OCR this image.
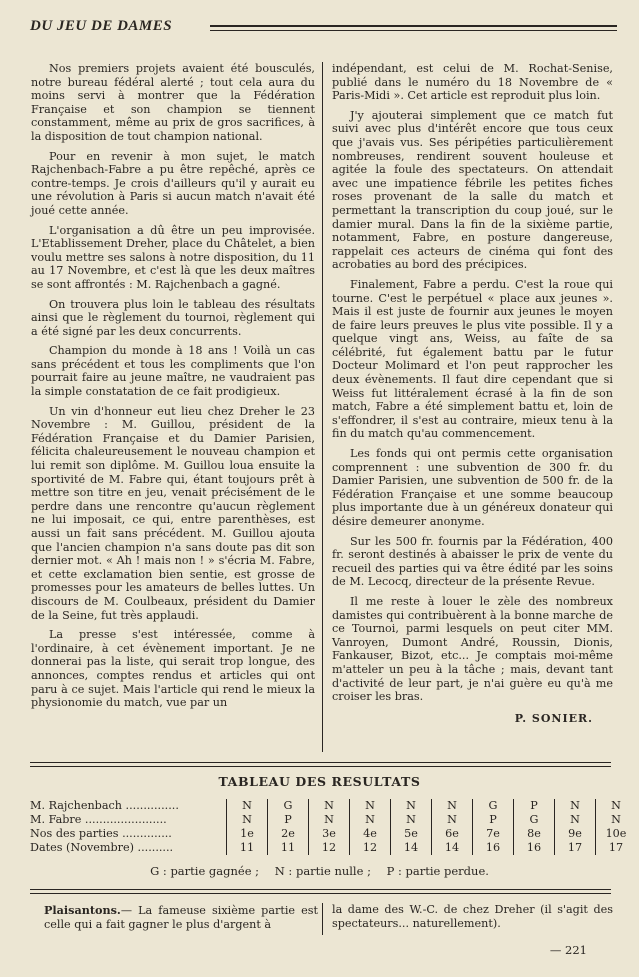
DU JEU DE DAMES

Nos premiers projets avaient été bousculés, notre bureau fédéral alerté ; tout cela aura du moins servi à montrer que la Fédération Française et son champion se tiennent constamment, même au prix de gros sacrifices, à la disposition de tout champion national.

Pour en revenir à mon sujet, le match Rajchenbach-Fabre a pu être repêché, après ce contre-temps. Je crois d'ailleurs qu'il y aurait eu une révolution à Paris si aucun match n'avait été joué cette année.

L'organisation a dû être un peu improvisée. L'Etablissement Dreher, place du Châtelet, a bien voulu mettre ses salons à notre disposition, du 11 au 17 Novembre, et c'est là que les deux maîtres se sont affrontés : M. Rajchenbach a gagné.

On trouvera plus loin le tableau des résultats ainsi que le règlement du tournoi, règlement qui a été signé par les deux concurrents.

Champion du monde à 18 ans ! Voilà un cas sans précédent et tous les compliments que l'on pourrait faire au jeune maître, ne vaudraient pas la simple constatation de ce fait prodigieux.

Un vin d'honneur eut lieu chez Dreher le 23 Novembre : M. Guillou, président de la Fédération Française et du Damier Parisien, félicita chaleureusement le nouveau champion et lui remit son diplôme. M. Guillou loua ensuite la sportivité de M. Fabre qui, étant toujours prêt à mettre son titre en jeu, venait précisément de le perdre dans une rencontre qu'aucun règlement ne lui imposait, ce qui, entre parenthèses, est aussi un fait sans précédent. M. Guillou ajouta que l'ancien champion n'a sans doute pas dit son dernier mot. « Ah ! mais non ! » s'écria M. Fabre, et cette exclamation bien sentie, est grosse de promesses pour les amateurs de belles luttes. Un discours de M. Coulbeaux, président du Damier de la Seine, fut très applaudi.

La presse s'est intéressée, comme à l'ordinaire, à cet évènement important. Je ne donnerai pas la liste, qui serait trop longue, des annonces, comptes rendus et articles qui ont paru à ce sujet. Mais l'article qui rend le mieux la physionomie du match, vue par un

indépendant, est celui de M. Rochat-Senise, publié dans le numéro du 18 Novembre de « Paris-Midi ». Cet article est reproduit plus loin.

J'y ajouterai simplement que ce match fut suivi avec plus d'intérêt encore que tous ceux que j'avais vus. Ses péripéties particulièrement nombreuses, rendirent souvent houleuse et agitée la foule des spectateurs. On attendait avec une impatience fébrile les petites fiches roses provenant de la salle du match et permettant la transcription du coup joué, sur le damier mural. Dans la fin de la sixième partie, notamment, Fabre, en posture dangereuse, rappelait ces acteurs de cinéma qui font des acrobaties au bord des précipices.

Finalement, Fabre a perdu. C'est la roue qui tourne. C'est le perpétuel « place aux jeunes ». Mais il est juste de fournir aux jeunes le moyen de faire leurs preuves le plus vite possible. Il y a quelque vingt ans, Weiss, au faîte de sa célébrité, fut également battu par le futur Docteur Molimard et l'on peut rapprocher les deux évènements. Il faut dire cependant que si Weiss fut littéralement écrasé à la fin de son match, Fabre a été simplement battu et, loin de s'effondrer, il s'est au contraire, mieux tenu à la fin du match qu'au commencement.

Les fonds qui ont permis cette organisation comprennent : une subvention de 300 fr. du Damier Parisien, une subvention de 500 fr. de la Fédération Française et une somme beaucoup plus importante due à un généreux donateur qui désire demeurer anonyme.

Sur les 500 fr. fournis par la Fédération, 400 fr. seront destinés à abaisser le prix de vente du recueil des parties qui va être édité par les soins de M. Lecocq, directeur de la présente Revue.

Il me reste à louer le zèle des nombreux damistes qui contribuèrent à la bonne marche de ce Tournoi, parmi lesquels on peut citer MM. Vanroyen, Dumont André, Roussin, Dionis, Fankauser, Bizot, etc... Je comptais moi-même m'atteler un peu à la tâche ; mais, devant tant d'activité de leur part, je n'ai guère eu qu'à me croiser les bras.

P. SONIER.
TABLEAU DES RESULTATS
M. Rajchenbach ...............	N	G	N	N	N	N	G	P	N	N
M. Fabre .......................	N	P	N	N	N	N	P	G	N	N
Nos des parties ..............	1e	2e	3e	4e	5e	6e	7e	8e	9e	10e
Dates (Novembre) ..........	11	11	12	12	14	14	16	16	17	17
G : partie gagnée ; N : partie nulle ; P : partie perdue.
Plaisantons.— La fameuse sixième partie est celle qui a fait gagner le plus d'argent à
la dame des W.-C. de chez Dreher (il s'agit des spectateurs... naturellement).
— 221
